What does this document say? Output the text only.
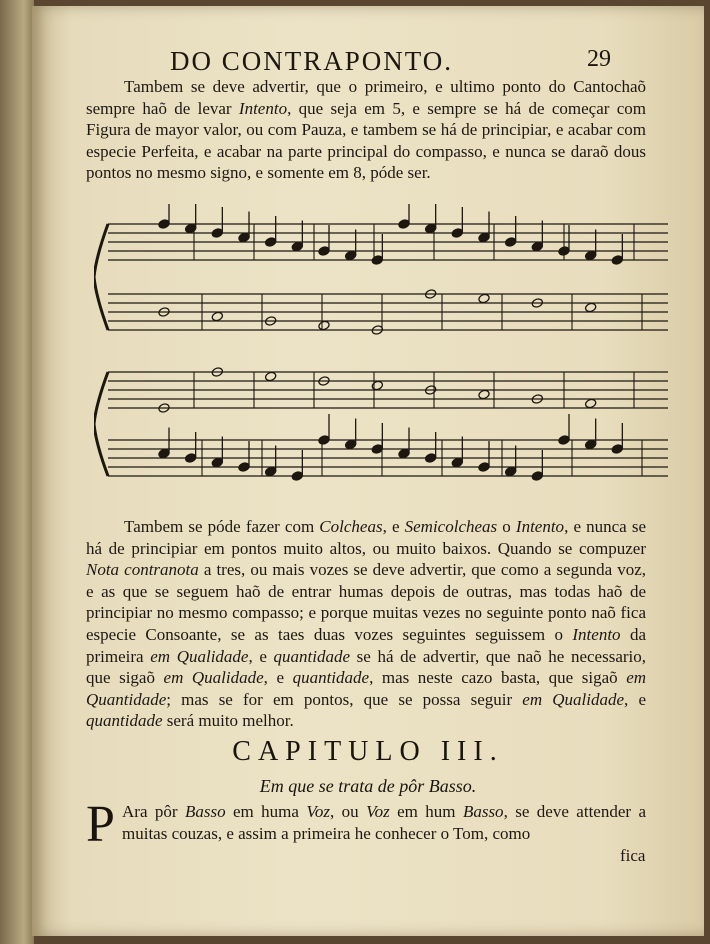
DO CONTRAPONTO.	29

Tambem se deve advertir, que o primeiro, e ultimo ponto do Cantochaõ sempre haõ de levar Intento, que seja em 5, e sempre se há de começar com Figura de mayor valor, ou com Pauza, e tambem se há de principiar, e acabar com especie Perfeita, e acabar na parte principal do compasso, e nunca se daraõ dous pontos no mesmo signo, e somente em 8, póde ser.

Tambem se póde fazer com Colcheas, e Semicolcheas o Intento, e nunca se há de principiar em pontos muito altos, ou muito baixos. Quando se compuzer Nota contranota a tres, ou mais vozes se deve advertir, que como a segunda voz, e as que se seguem haõ de entrar humas depois de outras, mas todas haõ de principiar no mesmo compasso; e porque muitas vezes no seguinte ponto naõ fica especie Consoante, se as taes duas vozes seguintes seguissem o Intento da primeira em Qualidade, e quantidade se há de advertir, que naõ he necessario, que sigaõ em Qualidade, e quantidade, mas neste cazo basta, que sigaõ em Quantidade; mas se for em pontos, que se possa seguir em Qualidade, e quantidade será muito melhor.

CAPITULO III.
Em que se trata de pôr Basso.
P Ara pôr Basso em huma Voz, ou Voz em hum Basso, se deve attender a muitas couzas, e assim a primeira he conhecer o Tom, como
fica
